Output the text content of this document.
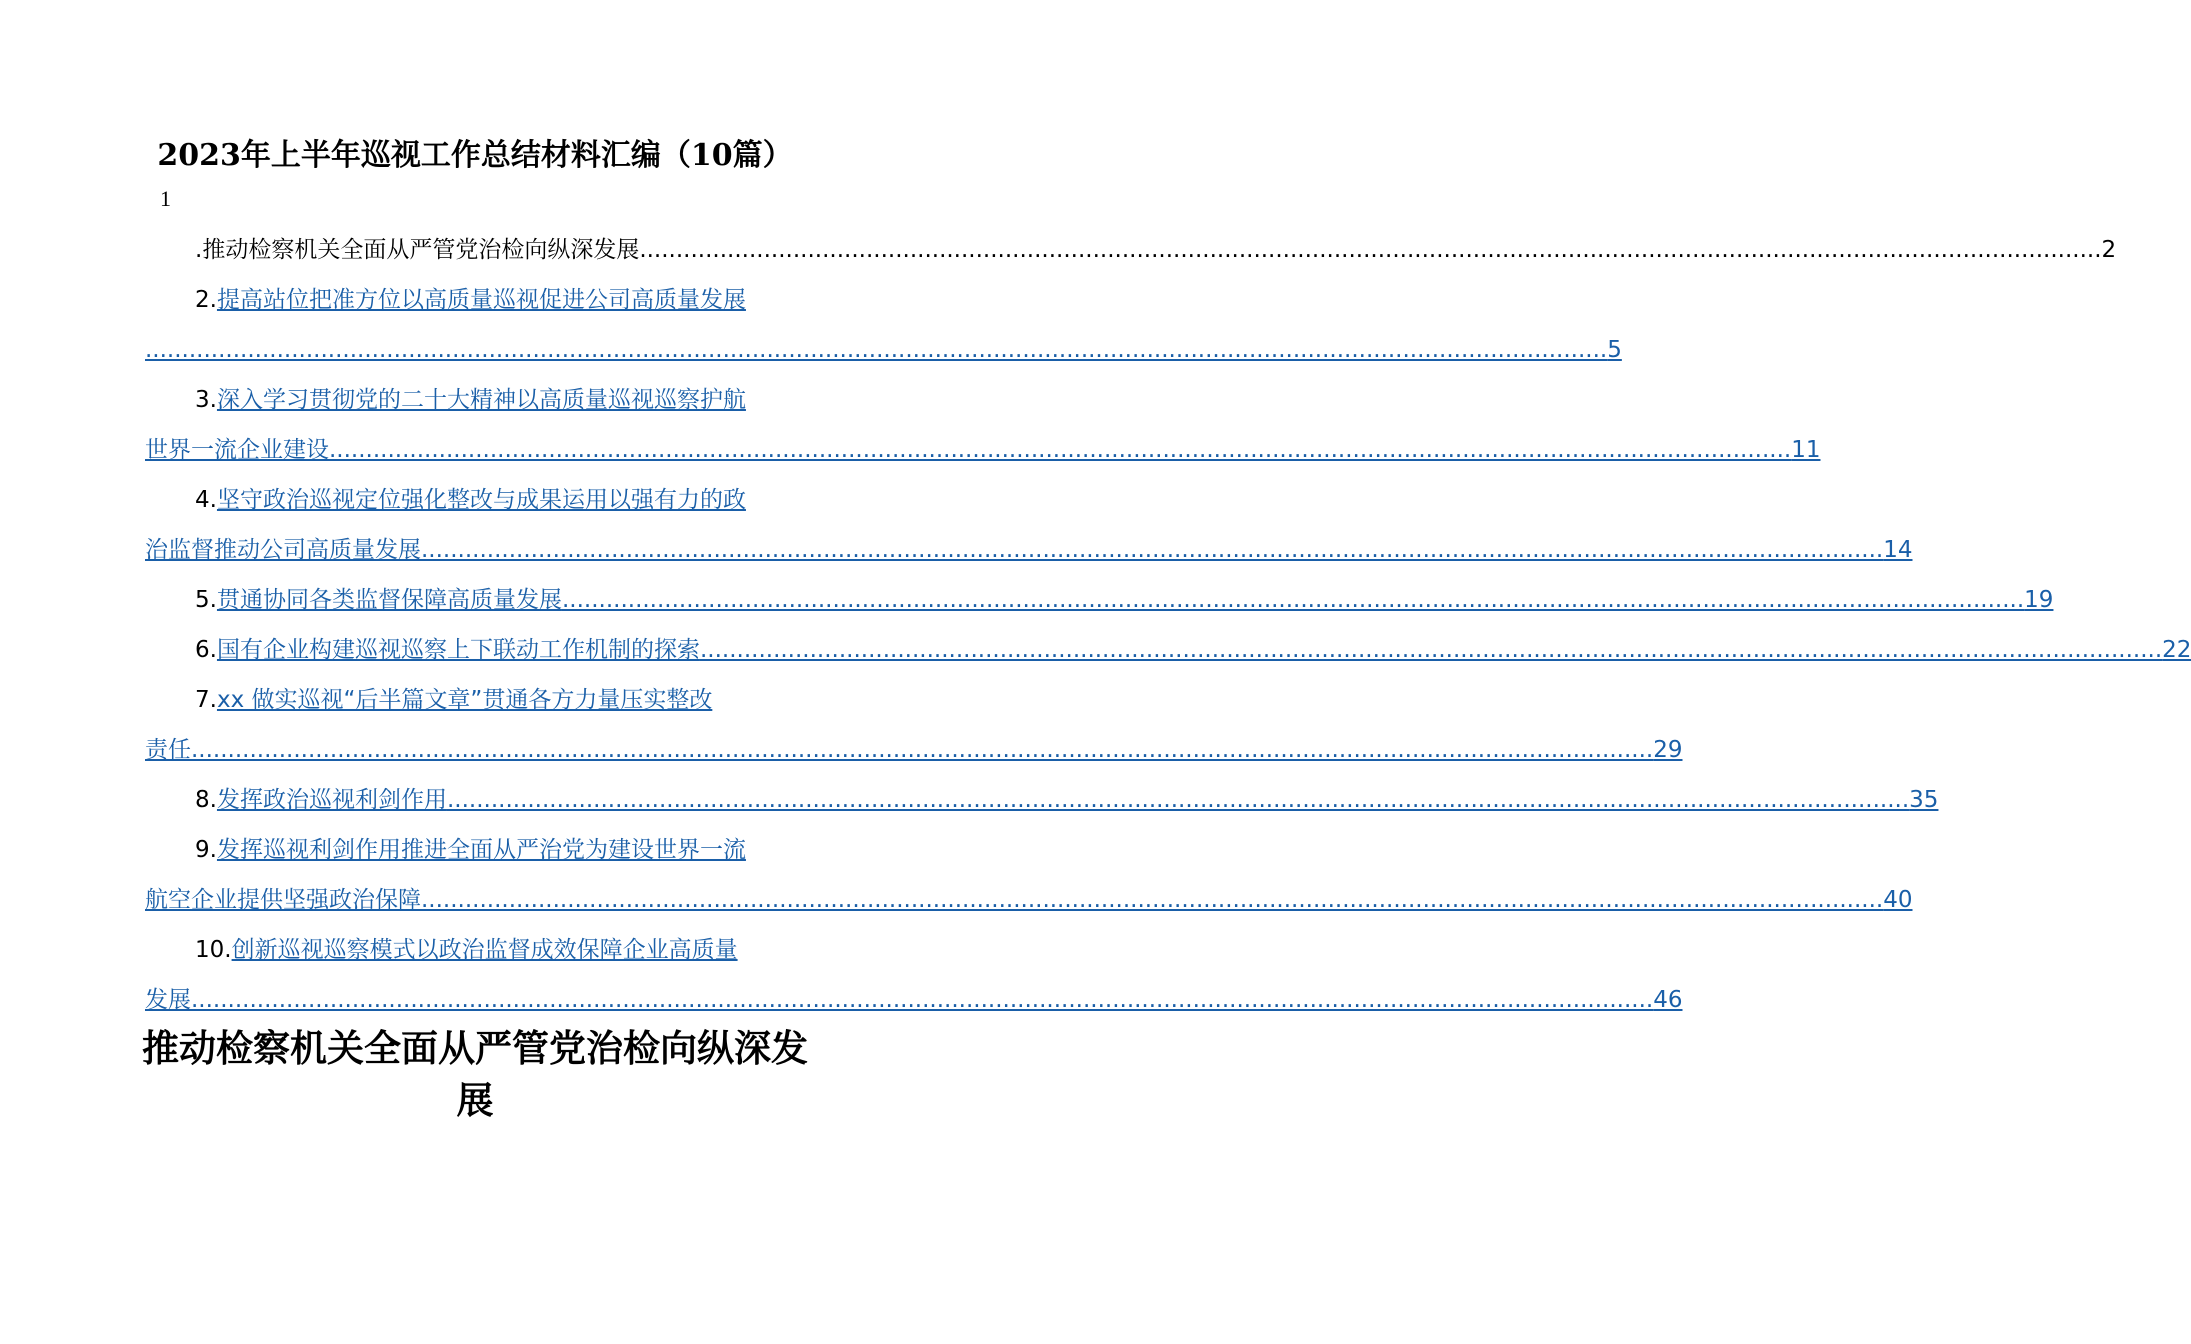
2023年上半年巡视工作总结材料汇编（10篇）
1
. 推动检察机关全面从严管党治检向纵深发展 ........................................................................................................................................................................................................ 2
2. 提高站位把准方位以高质量巡视促进公司高质量发展
........................................................................................................................................................................................................ 5
3. 深入学习贯彻党的二十大精神以高质量巡视巡察护航
世界一流企业建设 ........................................................................................................................................................................................................ 11
4. 坚守政治巡视定位强化整改与成果运用以强有力的政
治监督推动公司高质量发展 ........................................................................................................................................................................................................ 14
5. 贯通协同各类监督保障高质量发展 ........................................................................................................................................................................................................ 19
6. 国有企业构建巡视巡察上下联动工作机制的探索 ........................................................................................................................................................................................................ 22
7. xx 做实巡视“后半篇文章”贯通各方力量压实整改
责任 ........................................................................................................................................................................................................ 29
8. 发挥政治巡视利剑作用 ........................................................................................................................................................................................................ 35
9. 发挥巡视利剑作用推进全面从严治党为建设世界一流
航空企业提供坚强政治保障 ........................................................................................................................................................................................................ 40
10. 创新巡视巡察模式以政治监督成效保障企业高质量
发展 ........................................................................................................................................................................................................ 46
推动检察机关全面从严管党治检向纵深发
展
